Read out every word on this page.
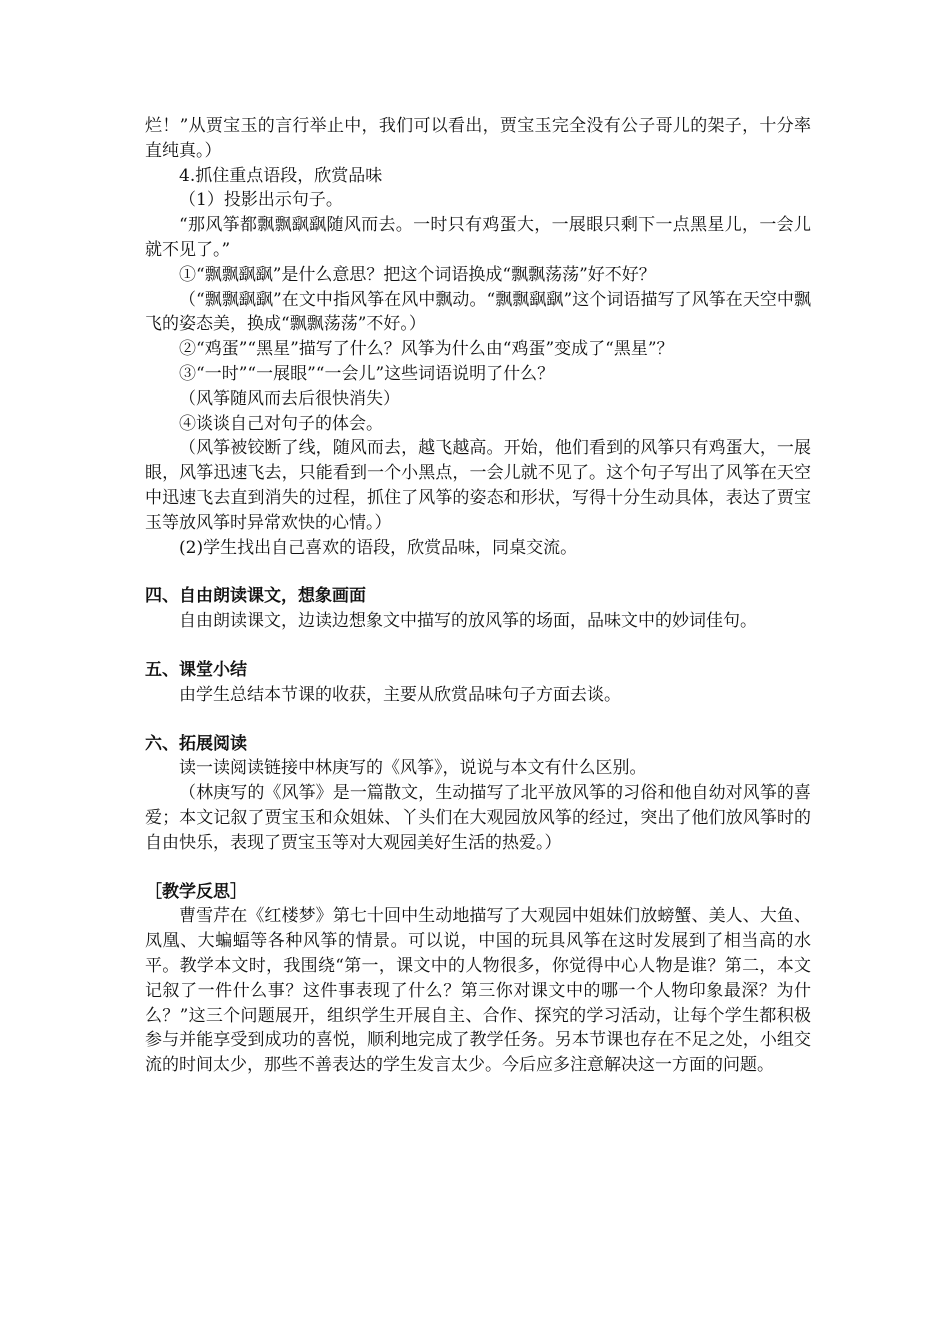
烂！”从贾宝玉的言行举止中，我们可以看出，贾宝玉完全没有公子哥儿的架子，十分率直纯真。）

4.抓住重点语段，欣赏品味

（1）投影出示句子。

“那风筝都飘飘飖飖随风而去。一时只有鸡蛋大，一展眼只剩下一点黑星儿，一会儿就不见了。”

①“飘飘飖飖”是什么意思？把这个词语换成“飘飘荡荡”好不好？

（“飘飘飖飖”在文中指风筝在风中飘动。“飘飘飖飖”这个词语描写了风筝在天空中飘飞的姿态美，换成“飘飘荡荡”不好。）

②“鸡蛋”“黑星”描写了什么？风筝为什么由“鸡蛋”变成了“黑星”？

③“一时”“一展眼”“一会儿”这些词语说明了什么？

（风筝随风而去后很快消失）

④谈谈自己对句子的体会。

（风筝被铰断了线，随风而去，越飞越高。开始，他们看到的风筝只有鸡蛋大，一展眼，风筝迅速飞去，只能看到一个小黑点，一会儿就不见了。这个句子写出了风筝在天空中迅速飞去直到消失的过程，抓住了风筝的姿态和形状，写得十分生动具体，表达了贾宝玉等放风筝时异常欢快的心情。）

(2)学生找出自己喜欢的语段，欣赏品味，同桌交流。

四、自由朗读课文，想象画面

自由朗读课文，边读边想象文中描写的放风筝的场面，品味文中的妙词佳句。

五、课堂小结

由学生总结本节课的收获，主要从欣赏品味句子方面去谈。

六、拓展阅读

读一读阅读链接中林庚写的《风筝》，说说与本文有什么区别。

（林庚写的《风筝》是一篇散文，生动描写了北平放风筝的习俗和他自幼对风筝的喜爱；本文记叙了贾宝玉和众姐妹、丫头们在大观园放风筝的经过，突出了他们放风筝时的自由快乐，表现了贾宝玉等对大观园美好生活的热爱。）

［教学反思］

曹雪芹在《红楼梦》第七十回中生动地描写了大观园中姐妹们放螃蟹、美人、大鱼、凤凰、大蝙蝠等各种风筝的情景。可以说，中国的玩具风筝在这时发展到了相当高的水平。教学本文时，我围绕“第一，课文中的人物很多，你觉得中心人物是谁？第二，本文记叙了一件什么事？这件事表现了什么？第三你对课文中的哪一个人物印象最深？为什么？”这三个问题展开，组织学生开展自主、合作、探究的学习活动，让每个学生都积极参与并能享受到成功的喜悦，顺利地完成了教学任务。另本节课也存在不足之处，小组交流的时间太少，那些不善表达的学生发言太少。今后应多注意解决这一方面的问题。
